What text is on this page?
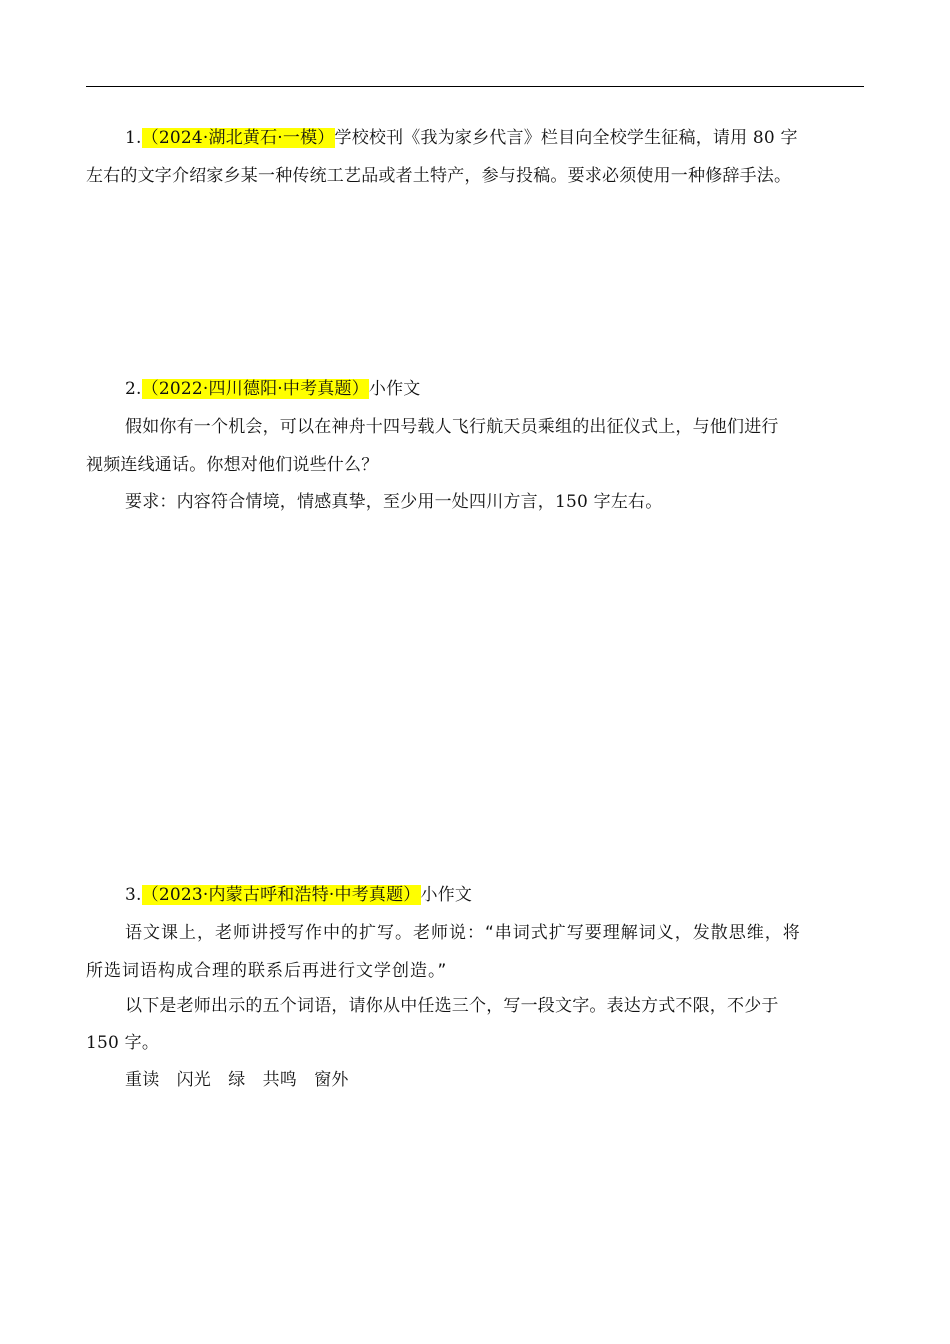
1.（2024·湖北黄石·一模）学校校刊《我为家乡代言》栏目向全校学生征稿，请用 80 字
左右的文字介绍家乡某一种传统工艺品或者土特产，参与投稿。要求必须使用一种修辞手法。
2.（2022·四川德阳·中考真题）小作文
假如你有一个机会，可以在神舟十四号载人飞行航天员乘组的出征仪式上，与他们进行
视频连线通话。你想对他们说些什么？
要求：内容符合情境，情感真挚，至少用一处四川方言，150 字左右。
3.（2023·内蒙古呼和浩特·中考真题）小作文
语文课上，老师讲授写作中的扩写。老师说：“串词式扩写要理解词义，发散思维，将
所选词语构成合理的联系后再进行文学创造。”
以下是老师出示的五个词语，请你从中任选三个，写一段文字。表达方式不限，不少于
150 字。
重读　闪光　绿　共鸣　窗外
